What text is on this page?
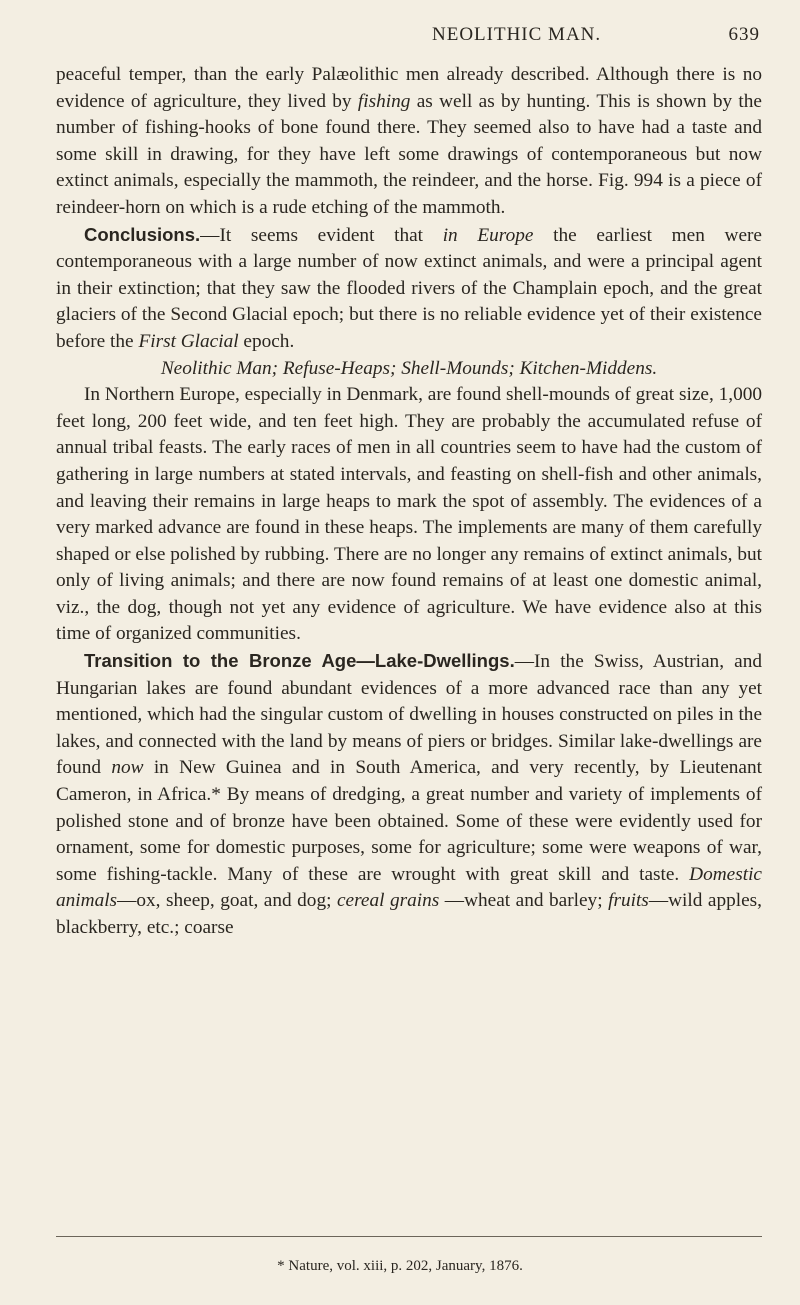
NEOLITHIC MAN.	639

peaceful temper, than the early Palæolithic men already described. Although there is no evidence of agriculture, they lived by fishing as well as by hunting. This is shown by the number of fishing-hooks of bone found there. They seemed also to have had a taste and some skill in drawing, for they have left some drawings of contemporaneous but now extinct animals, especially the mammoth, the reindeer, and the horse. Fig. 994 is a piece of reindeer-horn on which is a rude etching of the mammoth.

Conclusions.—It seems evident that in Europe the earliest men were contemporaneous with a large number of now extinct animals, and were a principal agent in their extinction; that they saw the flooded rivers of the Champlain epoch, and the great glaciers of the Second Glacial epoch; but there is no reliable evidence yet of their existence before the First Glacial epoch.

Neolithic Man; Refuse-Heaps; Shell-Mounds; Kitchen-Middens.

In Northern Europe, especially in Denmark, are found shell-mounds of great size, 1,000 feet long, 200 feet wide, and ten feet high. They are probably the accumulated refuse of annual tribal feasts. The early races of men in all countries seem to have had the custom of gathering in large numbers at stated intervals, and feasting on shell-fish and other animals, and leaving their remains in large heaps to mark the spot of assembly. The evidences of a very marked advance are found in these heaps. The implements are many of them carefully shaped or else polished by rubbing. There are no longer any remains of extinct animals, but only of living animals; and there are now found remains of at least one domestic animal, viz., the dog, though not yet any evidence of agriculture. We have evidence also at this time of organized communities.

Transition to the Bronze Age—Lake-Dwellings.—In the Swiss, Austrian, and Hungarian lakes are found abundant evidences of a more advanced race than any yet mentioned, which had the singular custom of dwelling in houses constructed on piles in the lakes, and connected with the land by means of piers or bridges. Similar lake-dwellings are found now in New Guinea and in South America, and very recently, by Lieutenant Cameron, in Africa.* By means of dredging, a great number and variety of implements of polished stone and of bronze have been obtained. Some of these were evidently used for ornament, some for domestic purposes, some for agriculture; some were weapons of war, some fishing-tackle. Many of these are wrought with great skill and taste. Domestic animals—ox, sheep, goat, and dog; cereal grains —wheat and barley; fruits—wild apples, blackberry, etc.; coarse

* Nature, vol. xiii, p. 202, January, 1876.
